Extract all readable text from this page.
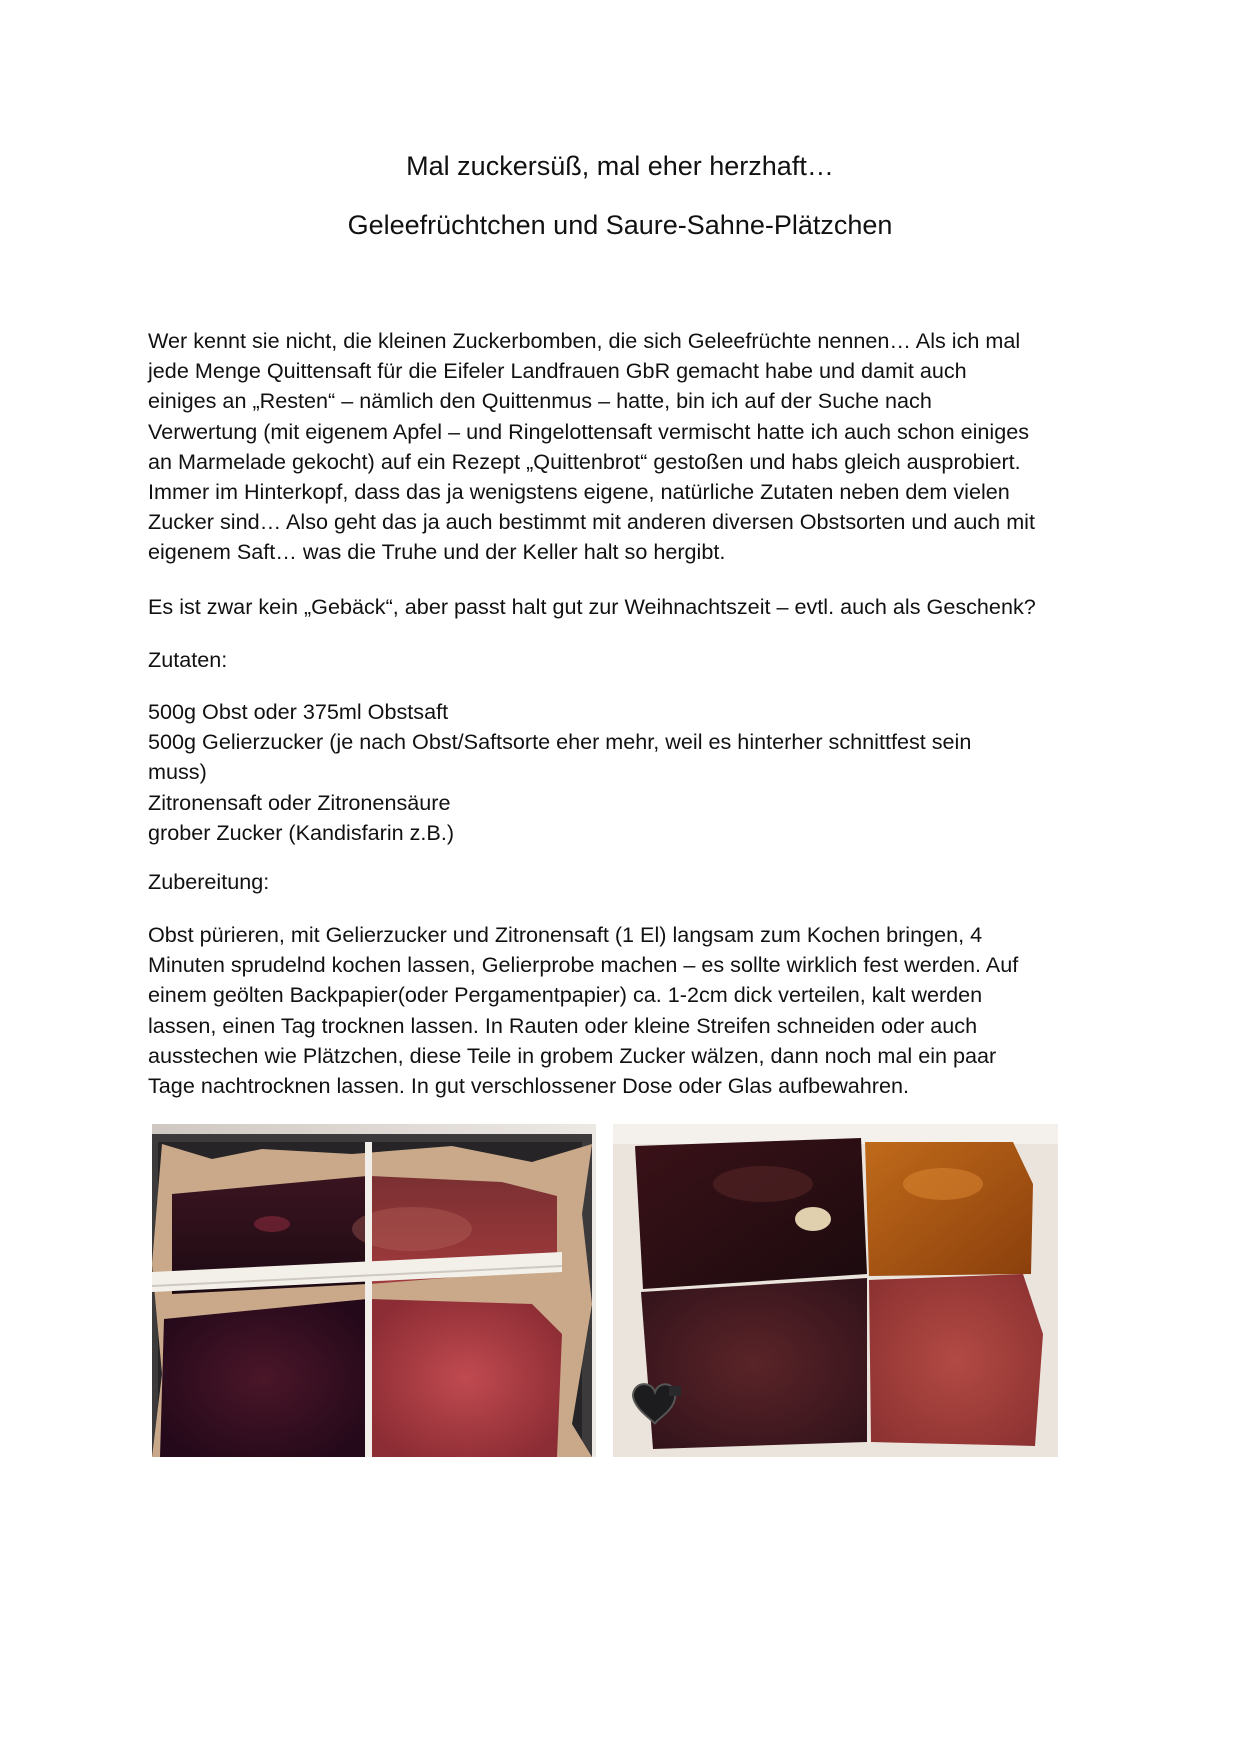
Mal zuckersüß, mal eher herzhaft…
Geleefrüchtchen und Saure-Sahne-Plätzchen
Wer kennt sie nicht, die kleinen Zuckerbomben, die sich Geleefrüchte nennen… Als ich mal
jede Menge Quittensaft für die Eifeler Landfrauen GbR gemacht habe und damit auch
einiges an „Resten“ – nämlich den Quittenmus – hatte, bin ich auf der Suche nach
Verwertung (mit eigenem Apfel – und Ringelottensaft vermischt hatte ich auch schon einiges
an Marmelade gekocht) auf ein Rezept „Quittenbrot“ gestoßen und habs gleich ausprobiert.
Immer im Hinterkopf, dass das ja wenigstens eigene, natürliche Zutaten neben dem vielen
Zucker sind… Also geht das ja auch bestimmt mit anderen diversen Obstsorten und auch mit
eigenem Saft… was die Truhe und der Keller halt so hergibt.
Es ist zwar kein „Gebäck“, aber passt halt gut zur Weihnachtszeit – evtl. auch als Geschenk?
Zutaten:
500g Obst oder 375ml Obstsaft
500g Gelierzucker (je nach Obst/Saftsorte eher mehr, weil es hinterher schnittfest sein
muss)
Zitronensaft oder Zitronensäure
grober Zucker (Kandisfarin z.B.)
Zubereitung:
Obst pürieren, mit Gelierzucker und Zitronensaft (1 El) langsam zum Kochen bringen, 4
Minuten sprudelnd kochen lassen, Gelierprobe machen – es sollte wirklich fest werden. Auf
einem geölten Backpapier(oder Pergamentpapier) ca. 1-2cm dick verteilen, kalt werden
lassen, einen Tag trocknen lassen. In Rauten oder kleine Streifen schneiden oder auch
ausstechen wie Plätzchen, diese Teile in grobem Zucker wälzen, dann noch mal ein paar
Tage nachtrocknen lassen. In gut verschlossener Dose oder Glas aufbewahren.
